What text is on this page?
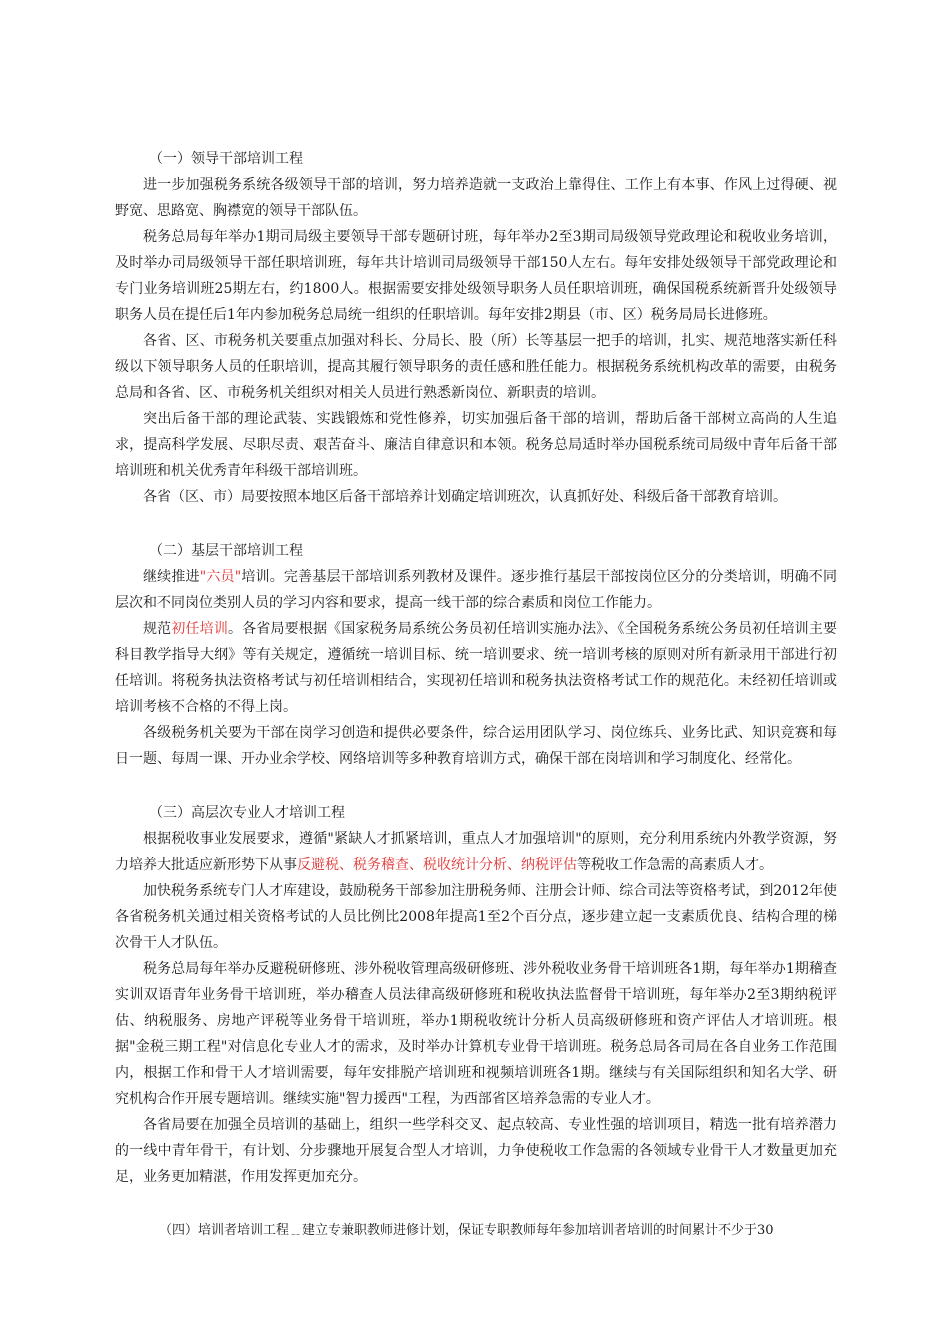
（一）领导干部培训工程

进一步加强税务系统各级领导干部的培训，努力培养造就一支政治上靠得住、工作上有本事、作风上过得硬、视野宽、思路宽、胸襟宽的领导干部队伍。

税务总局每年举办1期司局级主要领导干部专题研讨班，每年举办2至3期司局级领导党政理论和税收业务培训，及时举办司局级领导干部任职培训班，每年共计培训司局级领导干部150人左右。每年安排处级领导干部党政理论和专门业务培训班25期左右，约1800人。根据需要安排处级领导职务人员任职培训班，确保国税系统新晋升处级领导职务人员在提任后1年内参加税务总局统一组织的任职培训。每年安排2期县（市、区）税务局局长进修班。

各省、区、市税务机关要重点加强对科长、分局长、股（所）长等基层一把手的培训，扎实、规范地落实新任科级以下领导职务人员的任职培训，提高其履行领导职务的责任感和胜任能力。根据税务系统机构改革的需要，由税务总局和各省、区、市税务机关组织对相关人员进行熟悉新岗位、新职责的培训。

突出后备干部的理论武装、实践锻炼和党性修养，切实加强后备干部的培训，帮助后备干部树立高尚的人生追求，提高科学发展、尽职尽责、艰苦奋斗、廉洁自律意识和本领。税务总局适时举办国税系统司局级中青年后备干部培训班和机关优秀青年科级干部培训班。

各省（区、市）局要按照本地区后备干部培养计划确定培训班次，认真抓好处、科级后备干部教育培训。

（二）基层干部培训工程

继续推进"六员"培训。完善基层干部培训系列教材及课件。逐步推行基层干部按岗位区分的分类培训，明确不同层次和不同岗位类别人员的学习内容和要求，提高一线干部的综合素质和岗位工作能力。

规范初任培训。各省局要根据《国家税务局系统公务员初任培训实施办法》、《全国税务系统公务员初任培训主要科目教学指导大纲》等有关规定，遵循统一培训目标、统一培训要求、统一培训考核的原则对所有新录用干部进行初任培训。将税务执法资格考试与初任培训相结合，实现初任培训和税务执法资格考试工作的规范化。未经初任培训或培训考核不合格的不得上岗。

各级税务机关要为干部在岗学习创造和提供必要条件，综合运用团队学习、岗位练兵、业务比武、知识竞赛和每日一题、每周一课、开办业余学校、网络培训等多种教育培训方式，确保干部在岗培训和学习制度化、经常化。

（三）高层次专业人才培训工程

根据税收事业发展要求，遵循"紧缺人才抓紧培训，重点人才加强培训"的原则，充分利用系统内外教学资源，努力培养大批适应新形势下从事反避税、税务稽查、税收统计分析、纳税评估等税收工作急需的高素质人才。

加快税务系统专门人才库建设，鼓励税务干部参加注册税务师、注册会计师、综合司法等资格考试，到2012年使各省税务机关通过相关资格考试的人员比例比2008年提高1至2个百分点，逐步建立起一支素质优良、结构合理的梯次骨干人才队伍。

税务总局每年举办反避税研修班、涉外税收管理高级研修班、涉外税收业务骨干培训班各1期，每年举办1期稽查实训双语青年业务骨干培训班，举办稽查人员法律高级研修班和税收执法监督骨干培训班，每年举办2至3期纳税评估、纳税服务、房地产评税等业务骨干培训班，举办1期税收统计分析人员高级研修班和资产评估人才培训班。根据"金税三期工程"对信息化专业人才的需求，及时举办计算机专业骨干培训班。税务总局各司局在各自业务工作范围内，根据工作和骨干人才培训需要，每年安排脱产培训班和视频培训班各1期。继续与有关国际组织和知名大学、研究机构合作开展专题培训。继续实施"智力援西"工程，为西部省区培养急需的专业人才。

各省局要在加强全员培训的基础上，组织一些学科交叉、起点较高、专业性强的培训项目，精选一批有培养潜力的一线中青年骨干，有计划、分步骤地开展复合型人才培训，力争使税收工作急需的各领域专业骨干人才数量更加充足，业务更加精湛，作用发挥更加充分。

（四）培训者培训工程﹎建立专兼职教师进修计划，保证专职教师每年参加培训者培训的时间累计不少于30
